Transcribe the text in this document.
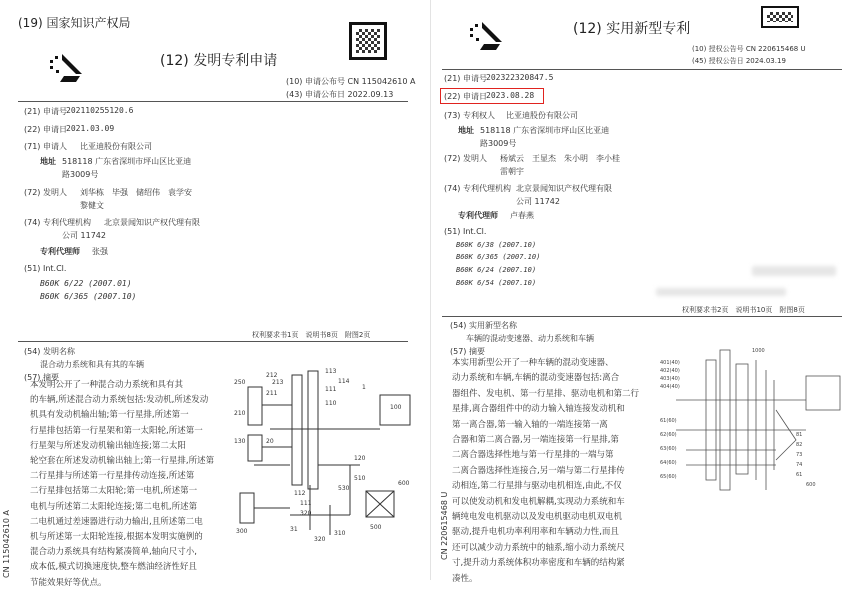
(19) 国家知识产权局
(12) 发明专利申请
(10) 申请公布号 CN 115042610 A
(43) 申请公布日 2022.09.13
(21) 申请号 202110255120.6
(22) 申请日 2021.03.09
(71) 申请人 比亚迪股份有限公司
地址 518118 广东省深圳市坪山区比亚迪
路3009号
(72) 发明人 刘华栋　毕强　储绍伟　袁学安
黎健文
(74) 专利代理机构 北京景闻知识产权代理有限
公司 11742
专利代理师 张强
(51) Int.Cl.
B60K 6/22 (2007.01)
B60K 6/365 (2007.10)
权利要求书1页　说明书8页　附图2页
(54) 发明名称
混合动力系统和具有其的车辆
(57) 摘要
本发明公开了一种混合动力系统和具有其
的车辆,所述混合动力系统包括:发动机,所述发动
机具有发动机输出轴;第一行星排,所述第一
行星排包括第一行星架和第一太阳轮,所述第一
行星架与所述发动机输出轴连接;第二太阳
轮空套在所述发动机输出轴上;第一行星排,所述第
二行星排与所述第一行星排传动连接,所述第
二行星排包括第二太阳轮;第一电机,所述第一
电机与所述第二太阳轮连接;第二电机,所述第
二电机通过差速器进行动力输出,且所述第二电
机与所述第一太阳轮连接,根据本发明实施例的
混合动力系统具有结构紧凑简单,轴向尺寸小,
成本低,模式切换速度快,整车燃油经济性好且
节能效果好等优点。
250
212
213
113
114
211
111	1
100
210
110
130	20
120
112
510
111
530
600
320
31
310
320
300
500
CN 115042610 A
(12) 实用新型专利
(10) 授权公告号 CN 220615468 U
(45) 授权公告日 2024.03.19
(21) 申请号 202322320847.5
(22) 申请日 2023.08.28
(73) 专利权人 比亚迪股份有限公司
地址 518118 广东省深圳市坪山区比亚迪
路3009号
(72) 发明人 杨斌云　王显杰　朱小明　李小桂
雷朝宇
(74) 专利代理机构 北京景闻知识产权代理有限
公司 11742
专利代理师 卢春燕
(51) Int.Cl.
B60K 6/38 (2007.10)
B60K 6/365 (2007.10)
B60K 6/24 (2007.10)
B60K 6/54 (2007.10)
权利要求书2页　说明书10页　附图8页
(54) 实用新型名称
车辆的混动变速器、动力系统和车辆
(57) 摘要
本实用新型公开了一种车辆的混动变速器、
动力系统和车辆,车辆的混动变速器包括:离合
器组件、发电机、第一行星排、驱动电机和第二行
星排,离合器组件中的动力输入轴连接发动机和
第一离合器,第一输入轴的一端连接第一离
合器和第二离合器,另一端连接第一行星排,第
二离合器选择性地与第一行星排的一端与第
二离合器选择性连接合,另一端与第二行星排传
动相连,第二行星排与驱动电机相连,由此,不仅
可以使发动机和发电机解耦,实现动力系统和车
辆纯电发电机驱动以及发电机驱动电机双电机
驱动,提升电机功率利用率和车辆动力性,而且
还可以减少动力系统中的轴系,缩小动力系统尺
寸,提升动力系统体积功率密度和车辆的结构紧
凑性。
1000
401(40)
402(40)
403(40)
404(40)
61(60)
62(60)
63(60)
64(60)
65(60)
81
82
73
74
61
600
CN 220615468 U
